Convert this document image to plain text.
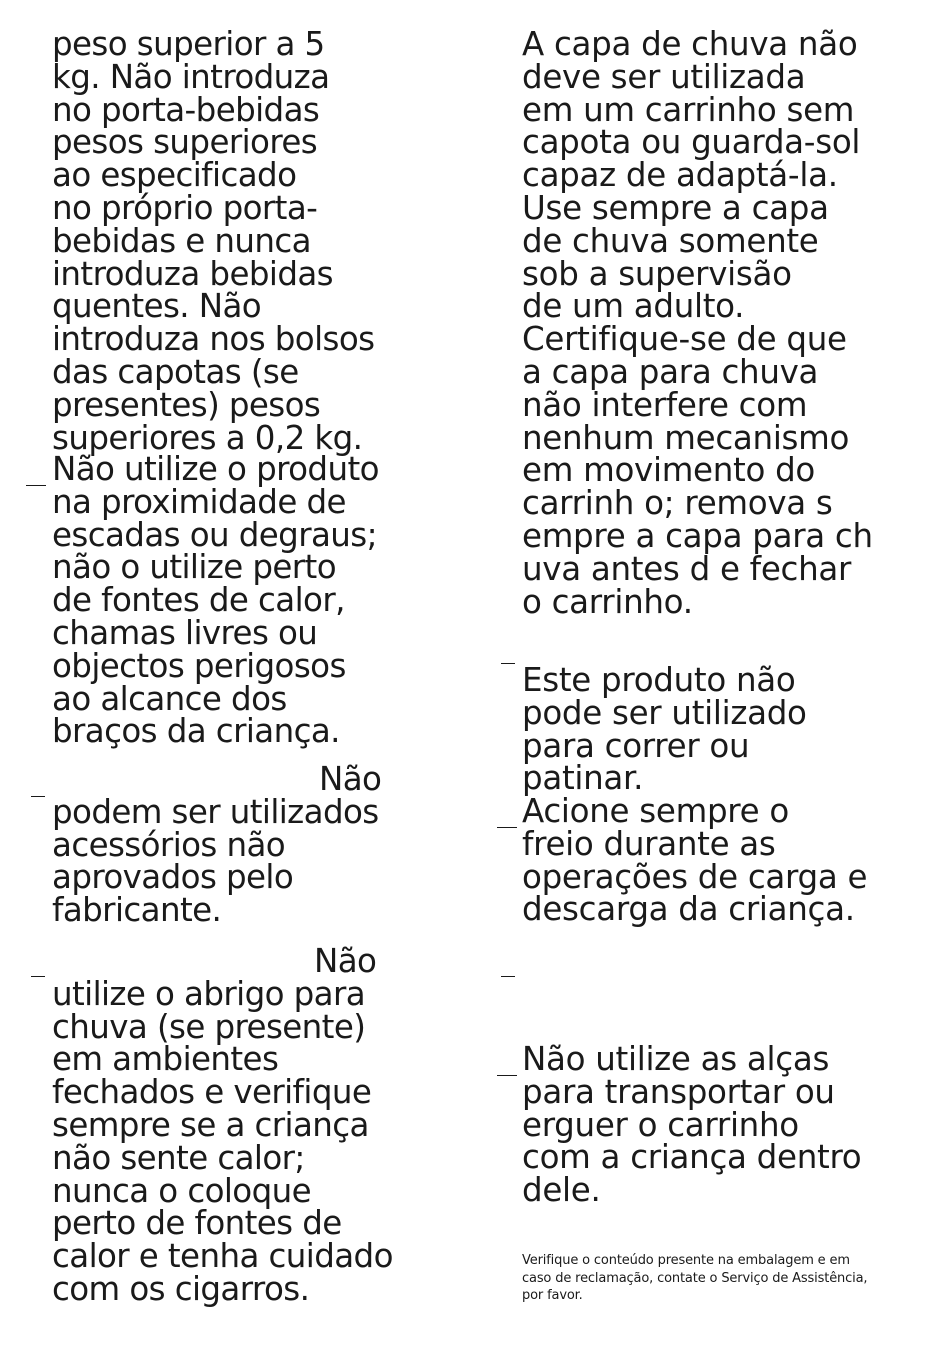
peso superior a 5
kg. Não introduza
no porta-bebidas
pesos superiores
ao especificado
no próprio porta-
bebidas e nunca
introduza bebidas
quentes. Não
introduza nos bolsos
das capotas (se
presentes) pesos
superiores a 0,2 kg.

Não utilize o produto
na proximidade de
escadas ou degraus;
não o utilize perto
de fontes de calor,
chamas livres ou
objectos perigosos
ao alcance dos
braços da criança.

Não
podem ser utilizados
acessórios não
aprovados pelo
fabricante.

Não
utilize o abrigo para
chuva (se presente)
em ambientes
fechados e verifique
sempre se a criança
não sente calor;
nunca o coloque
perto de fontes de
calor e tenha cuidado
com os cigarros.

A capa de chuva não
deve ser utilizada
em um carrinho sem
capota ou guarda-sol
capaz de adaptá-la.
Use sempre a capa
de chuva somente
sob a supervisão
de um adulto.
Certifique-se de que
a capa para chuva
não interfere com
nenhum mecanismo
em movimento do
carrinh o; remova s
empre a capa para ch
uva antes d e fechar
o carrinho.

Este produto não
pode ser utilizado
para correr ou
patinar.

Acione sempre o
freio durante as
operações de carga e
descarga da criança.

Não utilize as alças
para transportar ou
erguer o carrinho
com a criança dentro
dele.

Verifique o conteúdo presente na embalagem e em
caso de reclamação, contate o Serviço de Assistência,
por favor.
